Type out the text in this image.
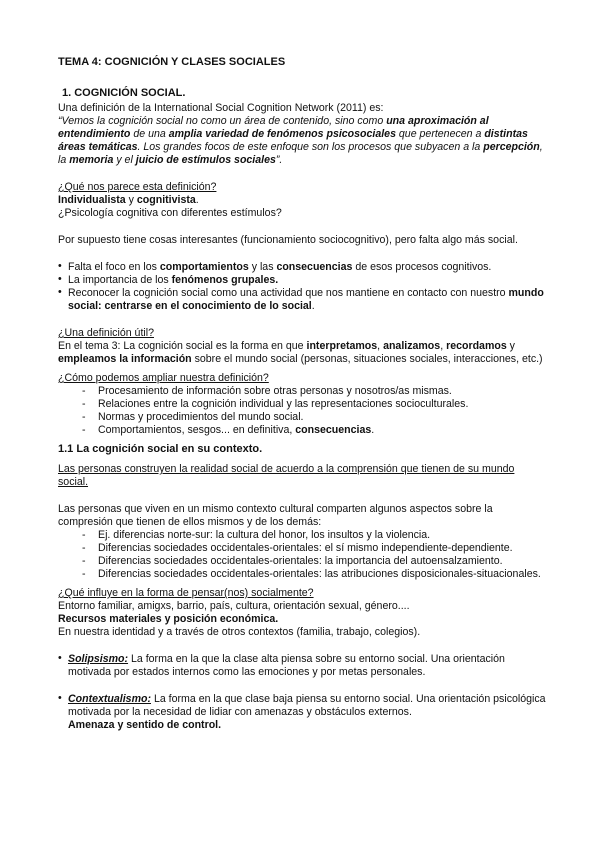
TEMA 4: COGNICIÓN Y CLASES SOCIALES

1. COGNICIÓN SOCIAL.

Una definición de la International Social Cognition Network (2011) es:

“Vemos la cognición social no como un área de contenido, sino como una aproximación al entendimiento de una amplia variedad de fenómenos psicosociales que pertenecen a distintas áreas temáticas. Los grandes focos de este enfoque son los procesos que subyacen a la percepción, la memoria y el juicio de estímulos sociales”.

¿Qué nos parece esta definición?

Individualista y cognitivista.

¿Psicología cognitiva con diferentes estímulos?

Por supuesto tiene cosas interesantes (funcionamiento sociocognitivo), pero falta algo más social.

• Falta el foco en los comportamientos y las consecuencias de esos procesos cognitivos.
• La importancia de los fenómenos grupales.
• Reconocer la cognición social como una actividad que nos mantiene en contacto con nuestro mundo social: centrarse en el conocimiento de lo social.

¿Una definición útil?

En el tema 3: La cognición social es la forma en que interpretamos, analizamos, recordamos y empleamos la información sobre el mundo social (personas, situaciones sociales, interacciones, etc.)

¿Cómo podemos ampliar nuestra definición?

- Procesamiento de información sobre otras personas y nosotros/as mismas.
- Relaciones entre la cognición individual y las representaciones socioculturales.
- Normas y procedimientos del mundo social.
- Comportamientos, sesgos... en definitiva, consecuencias.

1.1 La cognición social en su contexto.

Las personas construyen la realidad social de acuerdo a la comprensión que tienen de su mundo social.

Las personas que viven en un mismo contexto cultural comparten algunos aspectos sobre la compresión que tienen de ellos mismos y de los demás:

- Ej. diferencias norte-sur: la cultura del honor, los insultos y la violencia.
- Diferencias sociedades occidentales-orientales: el sí mismo independiente-dependiente.
- Diferencias sociedades occidentales-orientales: la importancia del autoensalzamiento.
- Diferencias sociedades occidentales-orientales: las atribuciones disposicionales-situacionales.

¿Qué influye en la forma de pensar(nos) socialmente?

Entorno familiar, amigxs, barrio, país, cultura, orientación sexual, género....

Recursos materiales y posición económica.

En nuestra identidad y a través de otros contextos (familia, trabajo, colegios).

• Solipsismo: La forma en la que la clase alta piensa sobre su entorno social. Una orientación motivada por estados internos como las emociones y por metas personales.
• Contextualismo: La forma en la que clase baja piensa su entorno social. Una orientación psicológica motivada por la necesidad de lidiar con amenazas y obstáculos externos.
Amenaza y sentido de control.
